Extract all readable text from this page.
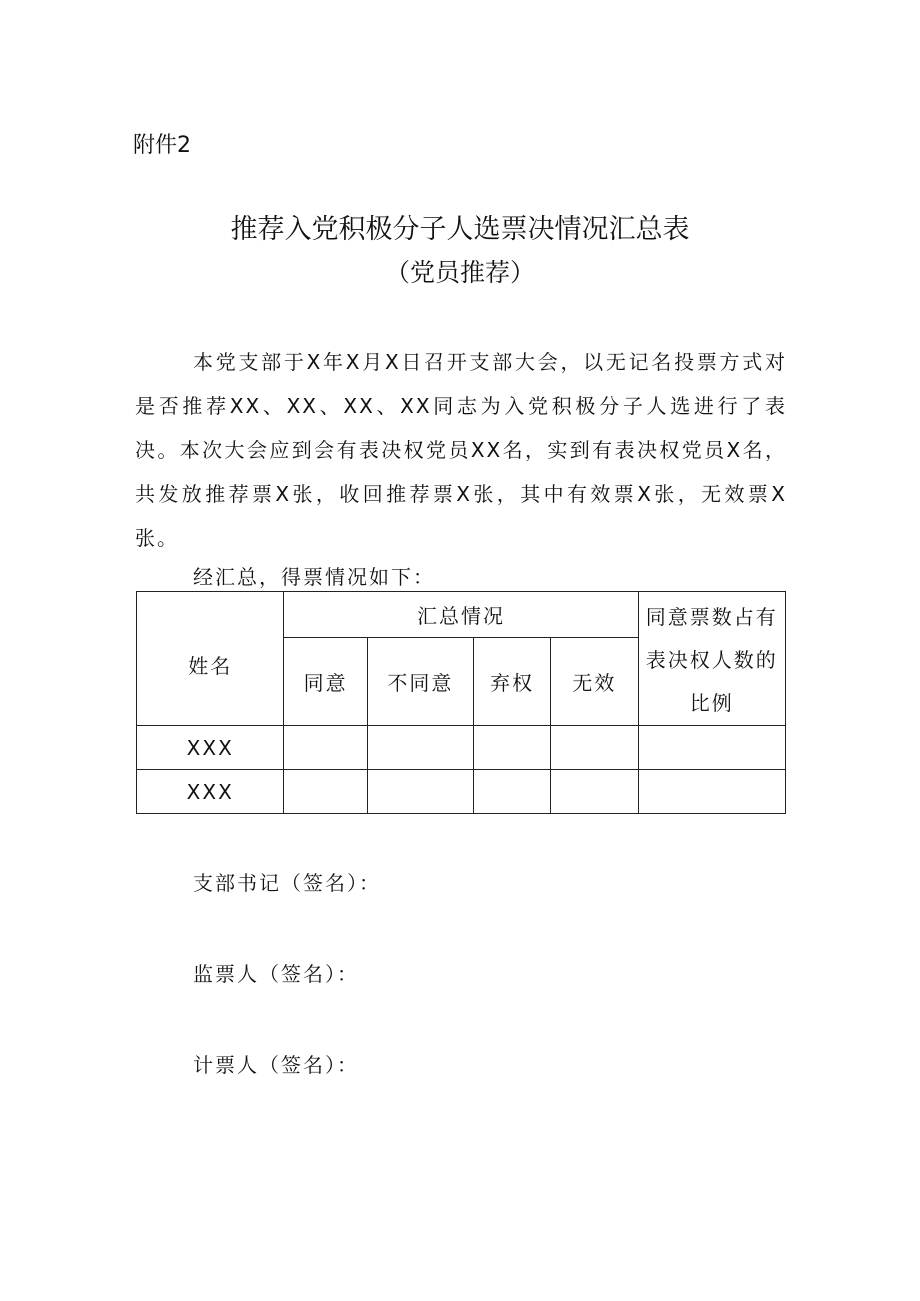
附件2
推荐入党积极分子人选票决情况汇总表
（党员推荐）
本党支部于X年X月X日召开支部大会，以无记名投票方式对是否推荐XX、XX、XX、XX同志为入党积极分子人选进行了表决。本次大会应到会有表决权党员XX名，实到有表决权党员X名，共发放推荐票X张，收回推荐票X张，其中有效票X张，无效票X张。
经汇总，得票情况如下：
姓名	汇总情况				同意票数占有表决权人数的比例
	同意	不同意	弃权	无效	
XXX					
XXX					
支部书记（签名）：
监票人（签名）：
计票人（签名）：
